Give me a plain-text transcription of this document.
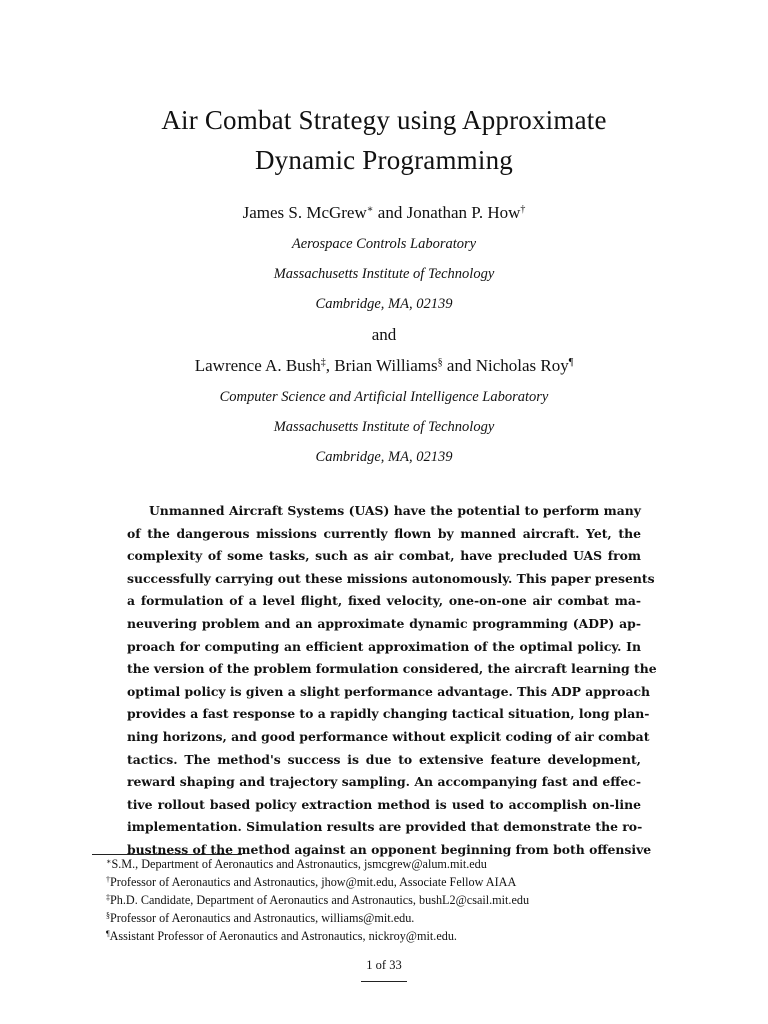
Air Combat Strategy using Approximate
Dynamic Programming
James S. McGrew∗ and Jonathan P. How†
Aerospace Controls Laboratory
Massachusetts Institute of Technology
Cambridge, MA, 02139
and
Lawrence A. Bush‡, Brian Williams§ and Nicholas Roy¶
Computer Science and Artificial Intelligence Laboratory
Massachusetts Institute of Technology
Cambridge, MA, 02139
Unmanned Aircraft Systems (UAS) have the potential to perform many
of the dangerous missions currently flown by manned aircraft. Yet, the
complexity of some tasks, such as air combat, have precluded UAS from
successfully carrying out these missions autonomously. This paper presents
a formulation of a level flight, fixed velocity, one-on-one air combat ma-
neuvering problem and an approximate dynamic programming (ADP) ap-
proach for computing an efficient approximation of the optimal policy. In
the version of the problem formulation considered, the aircraft learning the
optimal policy is given a slight performance advantage. This ADP approach
provides a fast response to a rapidly changing tactical situation, long plan-
ning horizons, and good performance without explicit coding of air combat
tactics. The method's success is due to extensive feature development,
reward shaping and trajectory sampling. An accompanying fast and effec-
tive rollout based policy extraction method is used to accomplish on-line
implementation. Simulation results are provided that demonstrate the ro-
bustness of the method against an opponent beginning from both offensive
∗S.M., Department of Aeronautics and Astronautics, jsmcgrew@alum.mit.edu
†Professor of Aeronautics and Astronautics, jhow@mit.edu, Associate Fellow AIAA
‡Ph.D. Candidate, Department of Aeronautics and Astronautics, bushL2@csail.mit.edu
§Professor of Aeronautics and Astronautics, williams@mit.edu.
¶Assistant Professor of Aeronautics and Astronautics, nickroy@mit.edu.
1 of 33
